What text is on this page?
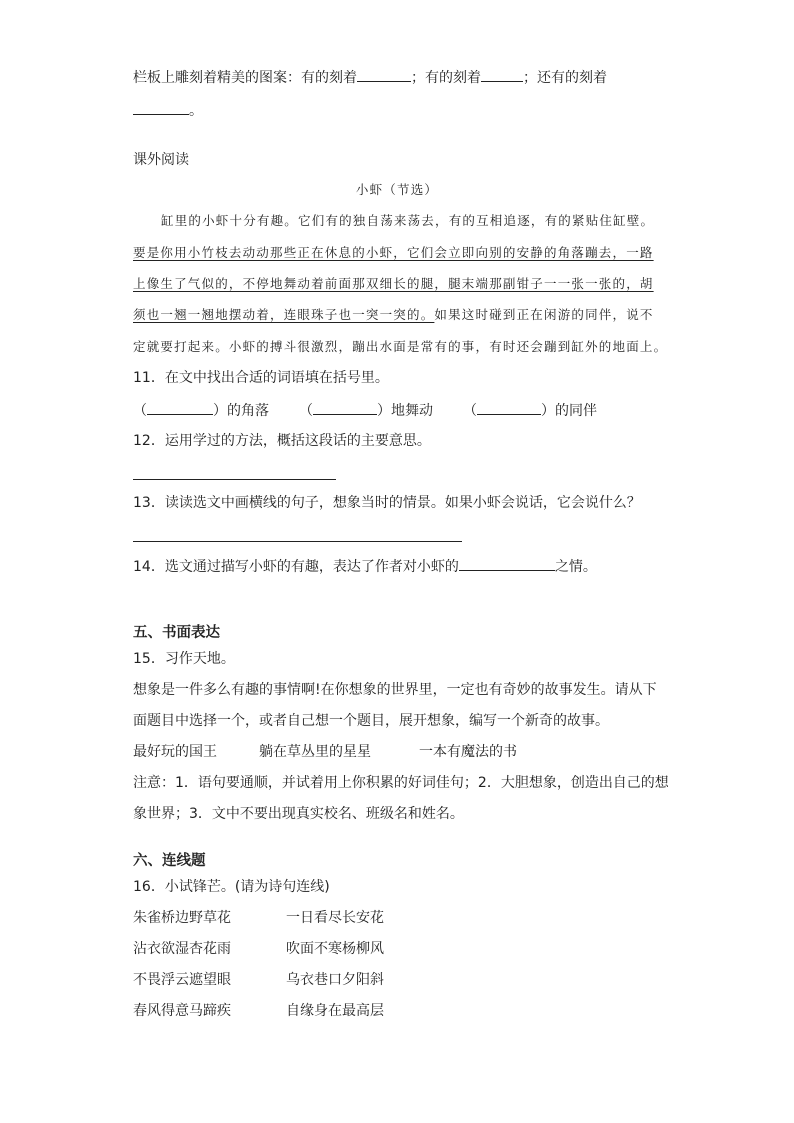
栏板上雕刻着精美的图案：有的刻着	；有的刻着	；还有的刻着
。
课外阅读
小虾（节选）
缸里的小虾十分有趣。它们有的独自荡来荡去，有的互相追逐，有的紧贴住缸壁。
要是你用小竹枝去动动那些正在休息的小虾，它们会立即向别的安静的角落蹦去，一路
上像生了气似的，不停地舞动着前面那双细长的腿，腿末端那副钳子一一张一张的，胡
须也一翘一翘地摆动着，连眼珠子也一突一突的。如果这时碰到正在闲游的同伴，说不
定就要打起来。小虾的搏斗很激烈，蹦出水面是常有的事，有时还会蹦到缸外的地面上。
11．在文中找出合适的词语填在括号里。
（	）的角落 （	）地舞动 （	）的同伴
12．运用学过的方法，概括这段话的主要意思。
13．读读选文中画横线的句子，想象当时的情景。如果小虾会说话，它会说什么？
14．选文通过描写小虾的有趣，表达了作者对小虾的	之情。
五、书面表达
15．习作天地。
想象是一件多么有趣的事情啊!在你想象的世界里，一定也有奇妙的故事发生。请从下
面题目中选择一个，或者自己想一个题目，展开想象，编写一个新奇的故事。
最好玩的国王	躺在草丛里的星星	一本有魔法的书
注意：1．语句要通顺，并试着用上你积累的好词佳句；2．大胆想象，创造出自己的想
象世界；3．文中不要出现真实校名、班级名和姓名。
六、连线题
16．小试锋芒。(请为诗句连线)
朱雀桥边野草花	一日看尽长安花
沾衣欲湿杏花雨	吹面不寒杨柳风
不畏浮云遮望眼	乌衣巷口夕阳斜
春风得意马蹄疾	自缘身在最高层
